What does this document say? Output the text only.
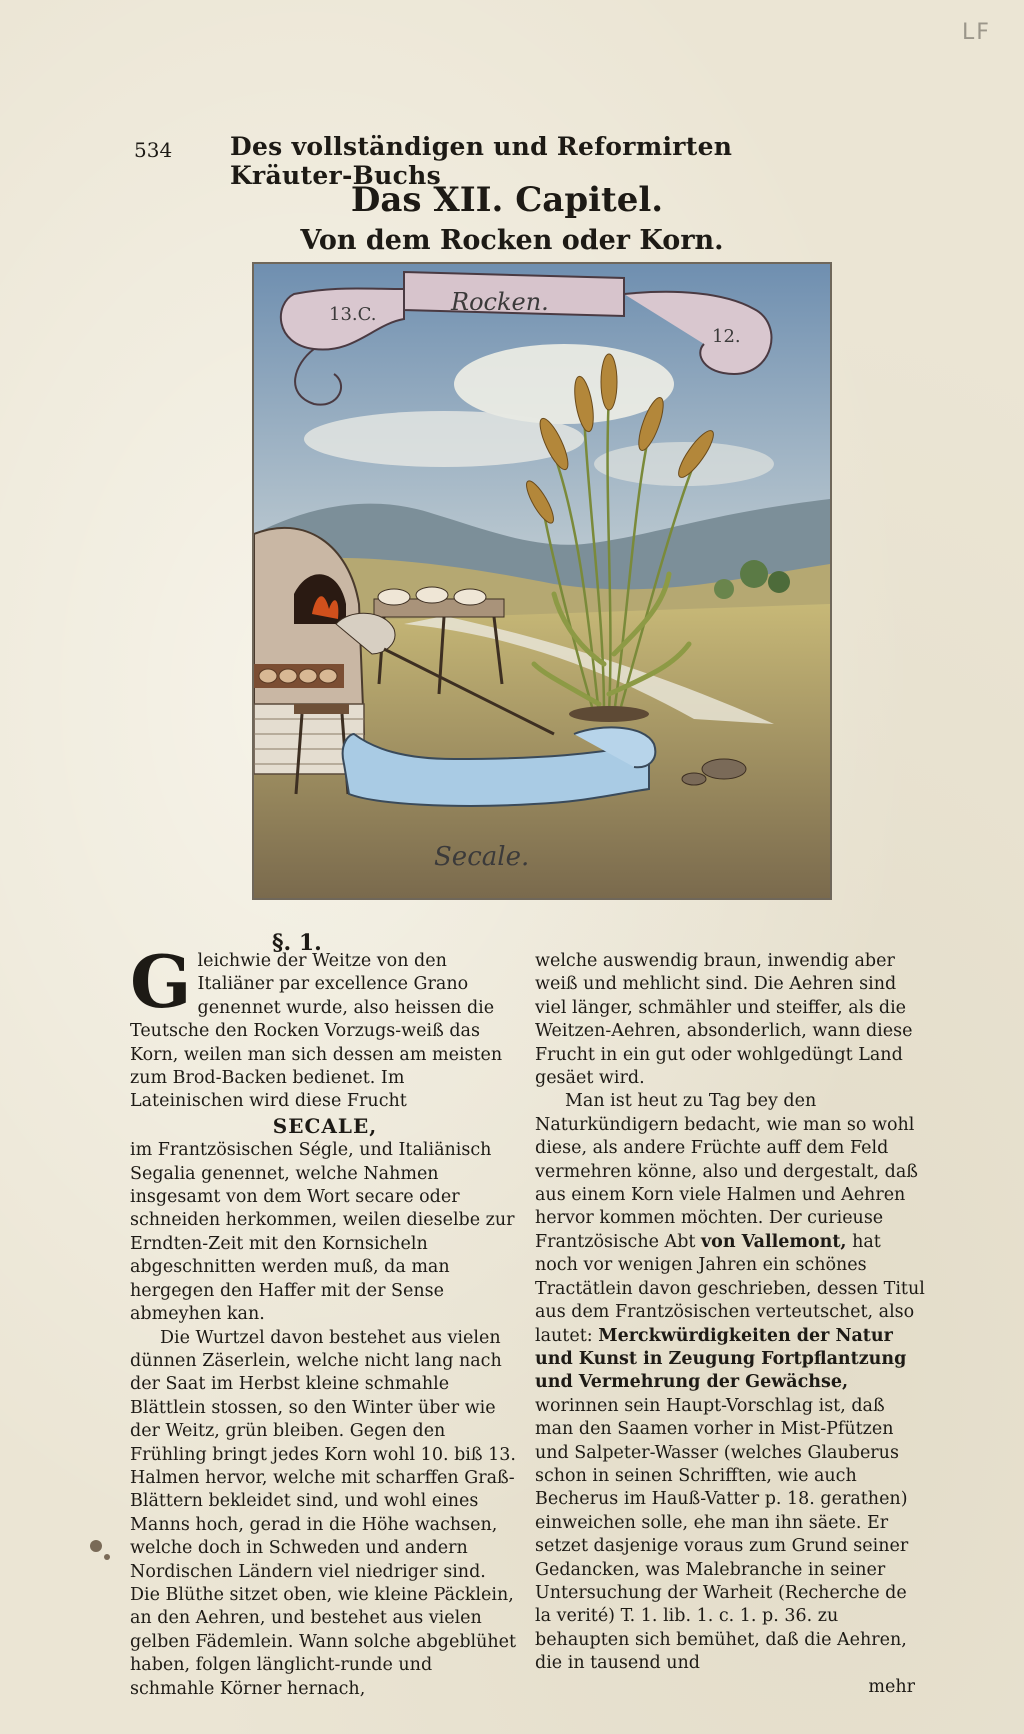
LF
534 Des vollständigen und Reformirten Kräuter-Buchs
Das XII. Capitel.
Von dem Rocken oder Korn.
Rocken.
13.C.
12.
Secale.
§. 1.

Gleichwie der Weitze von den Italiäner par excellence Grano genennet wurde, also heissen die Teutsche den Rocken Vorzugs-weiß das Korn, weilen man sich dessen am meisten zum Brod-Backen bedienet. Im Lateinischen wird diese Frucht

SECALE,

im Frantzösischen Ségle, und Italiänisch Segalia genennet, welche Nahmen insgesamt von dem Wort secare oder schneiden herkommen, weilen dieselbe zur Erndten-Zeit mit den Kornsicheln abgeschnitten werden muß, da man hergegen den Haffer mit der Sense abmeyhen kan.

Die Wurtzel davon bestehet aus vielen dünnen Zäserlein, welche nicht lang nach der Saat im Herbst kleine schmahle Blättlein stossen, so den Winter über wie der Weitz, grün bleiben. Gegen den Frühling bringt jedes Korn wohl 10. biß 13. Halmen hervor, welche mit scharffen Graß-Blättern bekleidet sind, und wohl eines Manns hoch, gerad in die Höhe wachsen, welche doch in Schweden und andern Nordischen Ländern viel niedriger sind. Die Blüthe sitzet oben, wie kleine Päcklein, an den Aehren, und bestehet aus vielen gelben Fädemlein. Wann solche abgeblühet haben, folgen länglicht-runde und schmahle Körner hernach,

welche auswendig braun, inwendig aber weiß und mehlicht sind. Die Aehren sind viel länger, schmähler und steiffer, als die Weitzen-Aehren, absonderlich, wann diese Frucht in ein gut oder wohlgedüngt Land gesäet wird.

Man ist heut zu Tag bey den Naturkündigern bedacht, wie man so wohl diese, als andere Früchte auff dem Feld vermehren könne, also und dergestalt, daß aus einem Korn viele Halmen und Aehren hervor kommen möchten. Der curieuse Frantzösische Abt von Vallemont, hat noch vor wenigen Jahren ein schönes Tractätlein davon geschrieben, dessen Titul aus dem Frantzösischen verteutschet, also lautet: Merckwürdigkeiten der Natur und Kunst in Zeugung Fortpflantzung und Vermehrung der Gewächse, worinnen sein Haupt-Vorschlag ist, daß man den Saamen vorher in Mist-Pfützen und Salpeter-Wasser (welches Glauberus schon in seinen Schrifften, wie auch Becherus im Hauß-Vatter p. 18. gerathen) einweichen solle, ehe man ihn säete. Er setzet dasjenige voraus zum Grund seiner Gedancken, was Malebranche in seiner Untersuchung der Warheit (Recherche de la verité) T. 1. lib. 1. c. 1. p. 36. zu behaupten sich bemühet, daß die Aehren, die in tausend und

mehr
